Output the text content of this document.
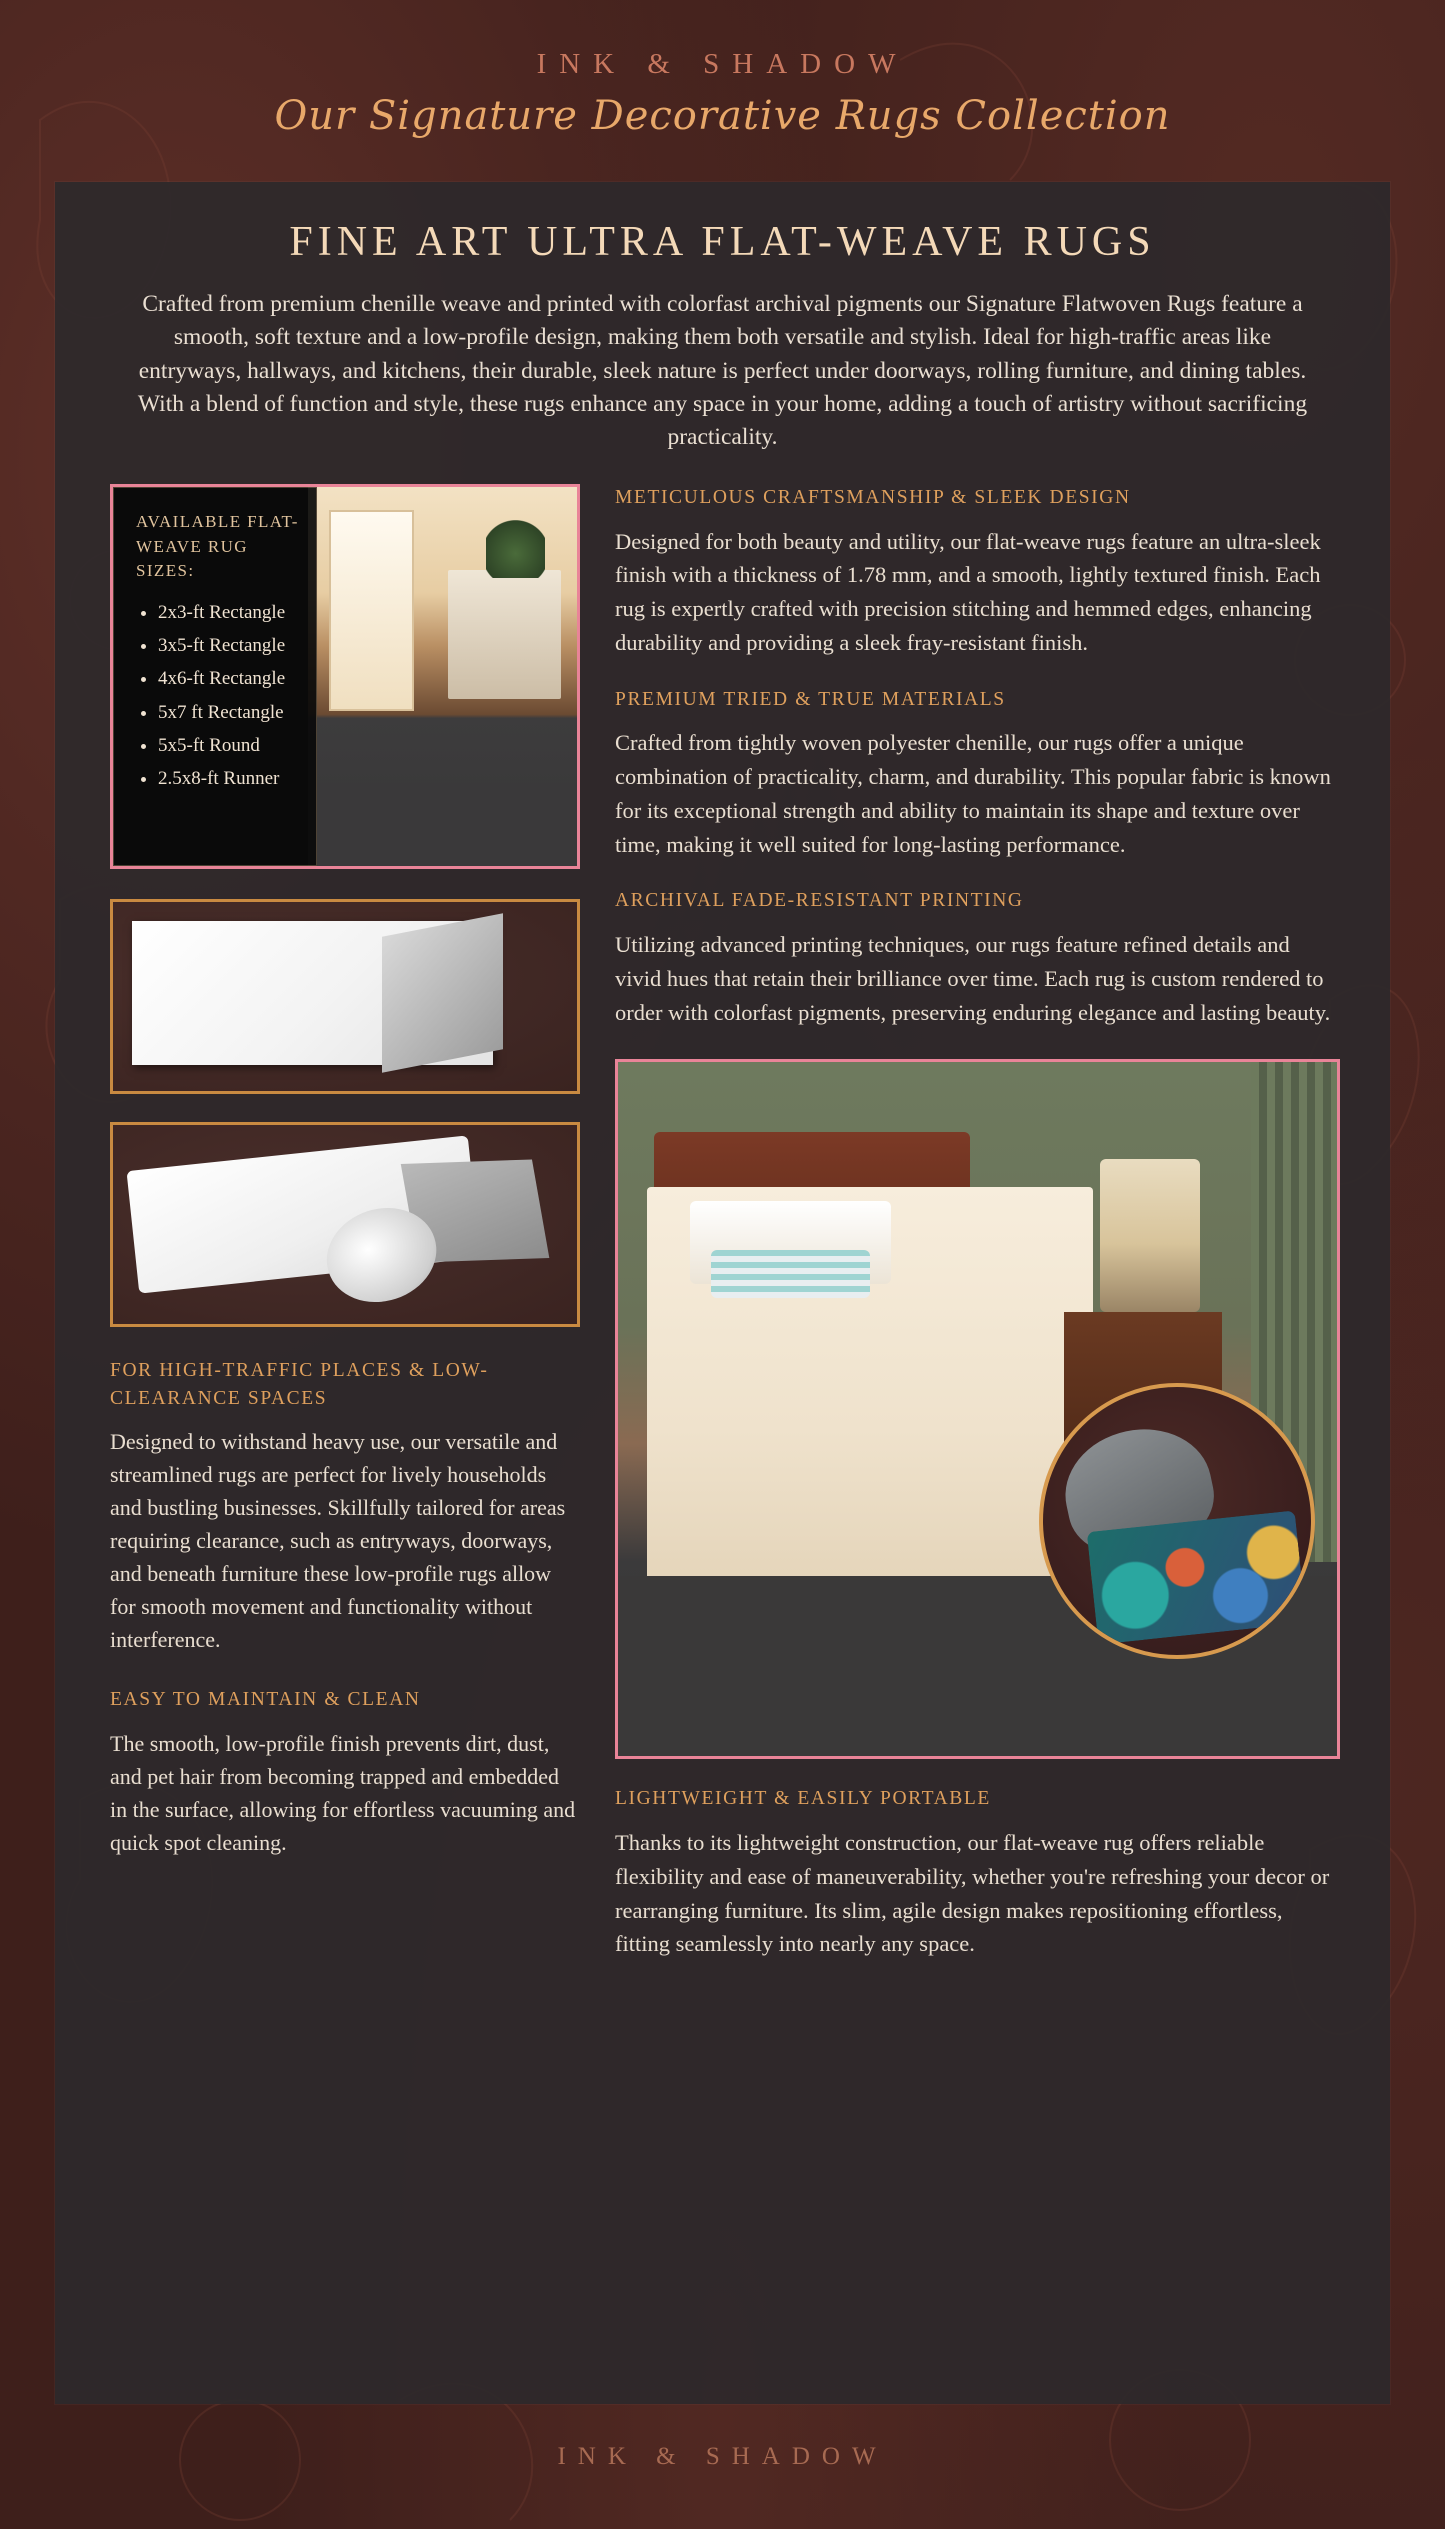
INK & SHADOW
Our Signature Decorative Rugs Collection
FINE ART ULTRA FLAT-WEAVE RUGS
Crafted from premium chenille weave and printed with colorfast archival pigments our Signature Flatwoven Rugs feature a smooth, soft texture and a low-profile design, making them both versatile and stylish. Ideal for high-traffic areas like entryways, hallways, and kitchens, their durable, sleek nature is perfect under doorways, rolling furniture, and dining tables. With a blend of function and style, these rugs enhance any space in your home, adding a touch of artistry without sacrificing practicality.
AVAILABLE FLAT-WEAVE RUG SIZES:
• 2x3-ft Rectangle
• 3x5-ft Rectangle
• 4x6-ft Rectangle
• 5x7 ft Rectangle
• 5x5-ft Round
• 2.5x8-ft Runner
FOR HIGH-TRAFFIC PLACES & LOW-CLEARANCE SPACES
Designed to withstand heavy use, our versatile and streamlined rugs are perfect for lively households and bustling businesses. Skillfully tailored for areas requiring clearance, such as entryways, doorways, and beneath furniture these low-profile rugs allow for smooth movement and functionality without interference.
EASY TO MAINTAIN & CLEAN
The smooth, low-profile finish prevents dirt, dust, and pet hair from becoming trapped and embedded in the surface, allowing for effortless vacuuming and quick spot cleaning.
METICULOUS CRAFTSMANSHIP & SLEEK DESIGN
Designed for both beauty and utility, our flat-weave rugs feature an ultra-sleek finish with a thickness of 1.78 mm, and a smooth, lightly textured finish. Each rug is expertly crafted with precision stitching and hemmed edges, enhancing durability and providing a sleek fray-resistant finish.
PREMIUM TRIED & TRUE MATERIALS
Crafted from tightly woven polyester chenille, our rugs offer a unique combination of practicality, charm, and durability. This popular fabric is known for its exceptional strength and ability to maintain its shape and texture over time, making it well suited for long-lasting performance.
ARCHIVAL FADE-RESISTANT PRINTING
Utilizing advanced printing techniques, our rugs feature refined details and vivid hues that retain their brilliance over time. Each rug is custom rendered to order with colorfast pigments, preserving enduring elegance and lasting beauty.
LIGHTWEIGHT & EASILY PORTABLE
Thanks to its lightweight construction, our flat-weave rug offers reliable flexibility and ease of maneuverability, whether you're refreshing your decor or rearranging furniture. Its slim, agile design makes repositioning effortless, fitting seamlessly into nearly any space.
INK & SHADOW
